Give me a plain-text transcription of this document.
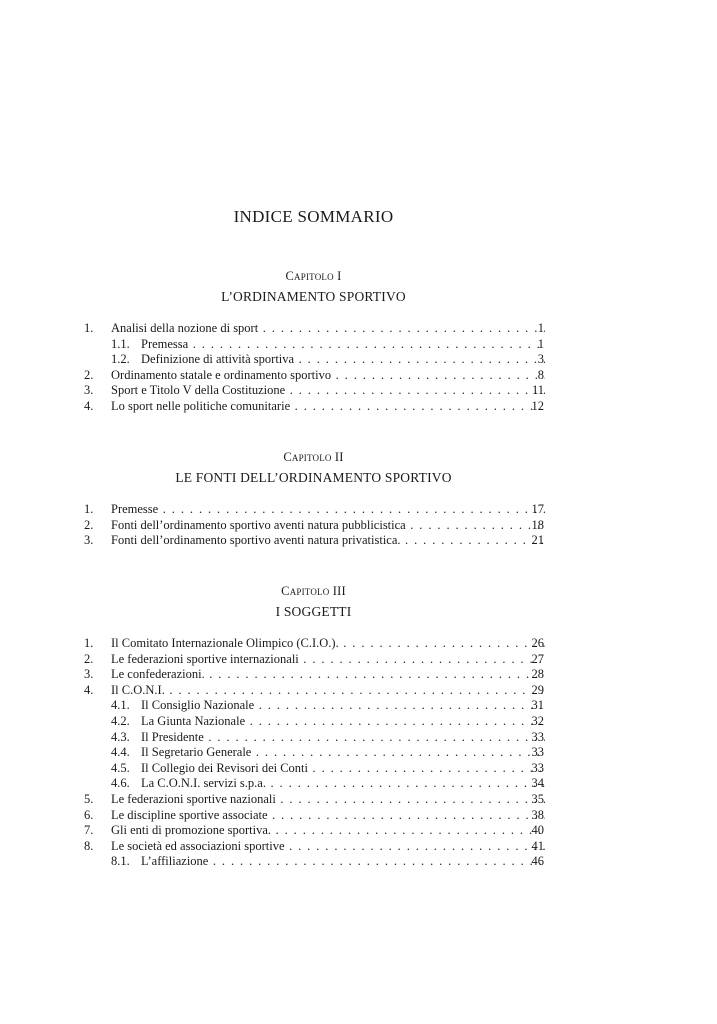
INDICE SOMMARIO
Capitolo I
L’ORDINAMENTO SPORTIVO
1. Analisi della nozione di sport . . .	1
1.1. Premessa . . .	1
1.2. Definizione di attività sportiva . . .	3
2. Ordinamento statale e ordinamento sportivo . . .	8
3. Sport e Titolo V della Costituzione . . .	11
4. Lo sport nelle politiche comunitarie . . .	12
Capitolo II
LE FONTI DELL’ORDINAMENTO SPORTIVO
1. Premesse . . .	17
2. Fonti dell’ordinamento sportivo aventi natura pubblicistica . . .	18
3. Fonti dell’ordinamento sportivo aventi natura privatistica. . . .	21
Capitolo III
I SOGGETTI
1. Il Comitato Internazionale Olimpico (C.I.O.). . . .	26
2. Le federazioni sportive internazionali . . .	27
3. Le confederazioni. . . .	28
4. Il C.O.N.I. . . .	29
4.1. Il Consiglio Nazionale . . .	31
4.2. La Giunta Nazionale . . .	32
4.3. Il Presidente . . .	33
4.4. Il Segretario Generale . . .	33
4.5. Il Collegio dei Revisori dei Conti . . .	33
4.6. La C.O.N.I. servizi s.p.a. . . .	34
5. Le federazioni sportive nazionali . . .	35
6. Le discipline sportive associate . . .	38
7. Gli enti di promozione sportiva. . . .	40
8. Le società ed associazioni sportive . . .	41
8.1. L’affiliazione . . .	46
